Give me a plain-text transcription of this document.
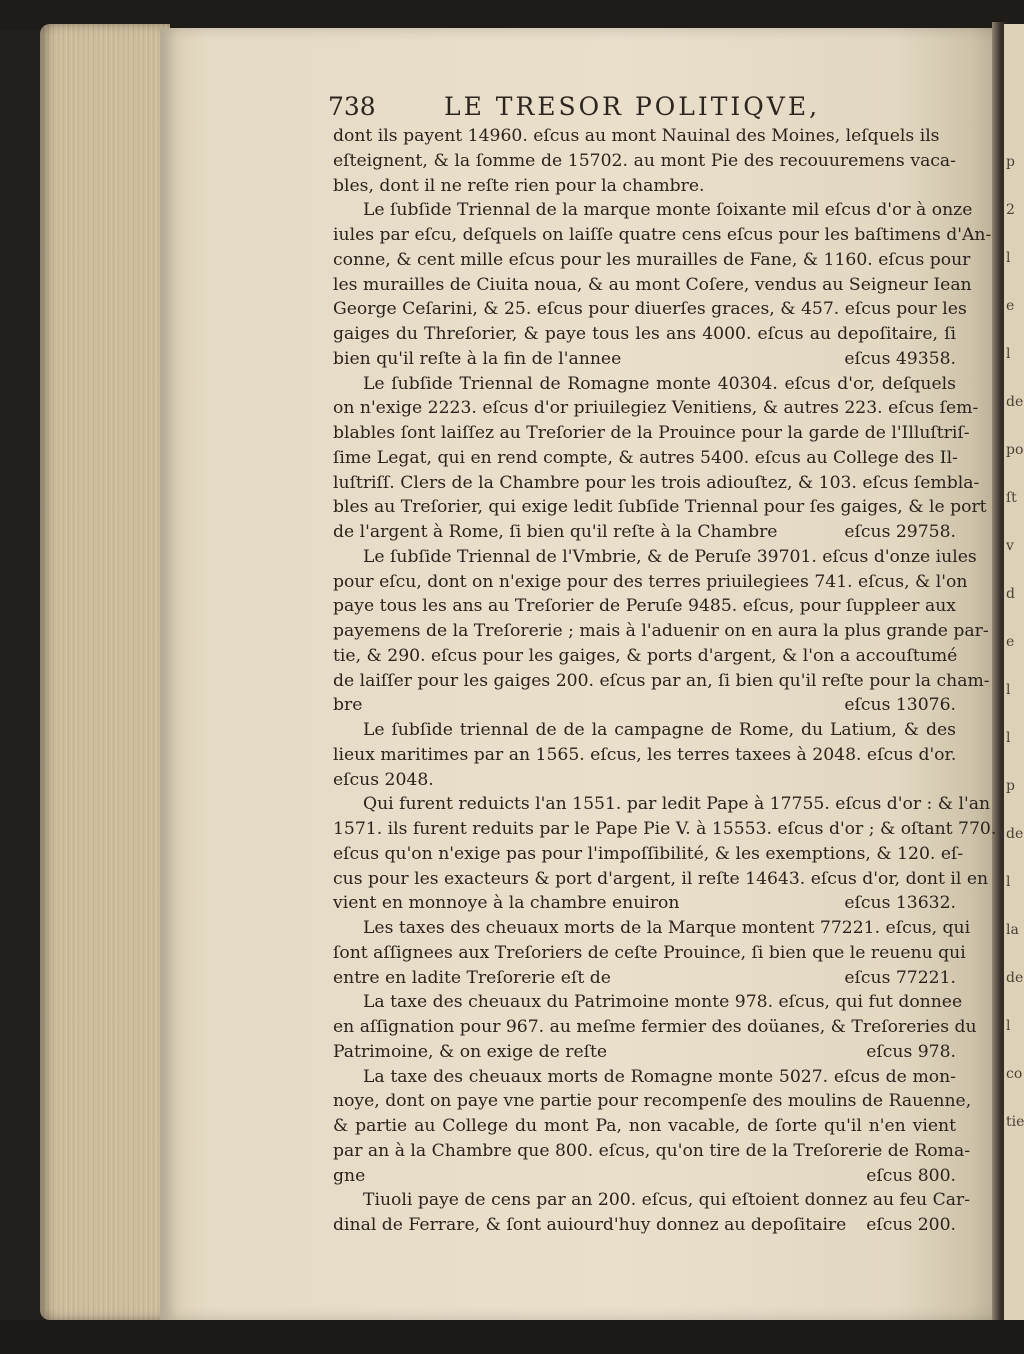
p
2
l
e
l
de
po
ſt
v
d
e
l
l
p
de
l
la
de
l
co
tie
738	LE TRESOR POLITIQVE,
dont ils payent 14960. eſcus au mont Nauinal des Moines, leſquels ils
eſteignent, & la ſomme de 15702. au mont Pie des recouuremens vaca-
bles, dont il ne reſte rien pour la chambre.
Le ſubſide Triennal de la marque monte ſoixante mil eſcus d'or à onze
iules par eſcu, deſquels on laiſſe quatre cens eſcus pour les baſtimens d'An-
conne, & cent mille eſcus pour les murailles de Fane, & 1160. eſcus pour
les murailles de Ciuita noua, & au mont Coſere, vendus au Seigneur Iean
George Ceſarini, & 25. eſcus pour diuerſes graces, & 457. eſcus pour les
gaiges du Threſorier, & paye tous les ans 4000. eſcus au depoſitaire, ſi
bien qu'il reſte à la fin de l'annee	eſcus 49358.
Le ſubſide Triennal de Romagne monte 40304. eſcus d'or, deſquels
on n'exige 2223. eſcus d'or priuilegiez Venitiens, & autres 223. eſcus ſem-
blables ſont laiſſez au Treſorier de la Prouince pour la garde de l'Illuſtriſ-
ſime Legat, qui en rend compte, & autres 5400. eſcus au College des Il-
luſtriſſ. Clers de la Chambre pour les trois adiouſtez, & 103. eſcus ſembla-
bles au Treſorier, qui exige ledit ſubſide Triennal pour ſes gaiges, & le port
de l'argent à Rome, ſi bien qu'il reſte à la Chambre	eſcus 29758.
Le ſubſide Triennal de l'Vmbrie, & de Peruſe 39701. eſcus d'onze iules
pour eſcu, dont on n'exige pour des terres priuilegiees 741. eſcus, & l'on
paye tous les ans au Treſorier de Peruſe 9485. eſcus, pour ſuppleer aux
payemens de la Treſorerie ; mais à l'aduenir on en aura la plus grande par-
tie, & 290. eſcus pour les gaiges, & ports d'argent, & l'on a accouſtumé
de laiſſer pour les gaiges 200. eſcus par an, ſi bien qu'il reſte pour la cham-
bre	eſcus 13076.
Le ſubſide triennal de de la campagne de Rome, du Latium, & des
lieux maritimes par an 1565. eſcus, les terres taxees à 2048. eſcus d'or.
eſcus 2048.
Qui furent reduicts l'an 1551. par ledit Pape à 17755. eſcus d'or : & l'an
1571. ils furent reduits par le Pape Pie V. à 15553. eſcus d'or ; & oſtant 770.
eſcus qu'on n'exige pas pour l'impoſſibilité, & les exemptions, & 120. eſ-
cus pour les exacteurs & port d'argent, il reſte 14643. eſcus d'or, dont il en
vient en monnoye à la chambre enuiron	eſcus 13632.
Les taxes des cheuaux morts de la Marque montent 77221. eſcus, qui
ſont aſſignees aux Treſoriers de ceſte Prouince, ſi bien que le reuenu qui
entre en ladite Treſorerie eſt de	eſcus 77221.
La taxe des cheuaux du Patrimoine monte 978. eſcus, qui fut donnee
en aſſignation pour 967. au meſme fermier des doüanes, & Treſoreries du
Patrimoine, & on exige de reſte	eſcus 978.
La taxe des cheuaux morts de Romagne monte 5027. eſcus de mon-
noye, dont on paye vne partie pour recompenſe des moulins de Rauenne,
& partie au College du mont Pa, non vacable, de ſorte qu'il n'en vient
par an à la Chambre que 800. eſcus, qu'on tire de la Treſorerie de Roma-
gne	eſcus 800.
Tiuoli paye de cens par an 200. eſcus, qui eſtoient donnez au feu Car-
dinal de Ferrare, & ſont auiourd'huy donnez au depoſitaire eſcus 200.
